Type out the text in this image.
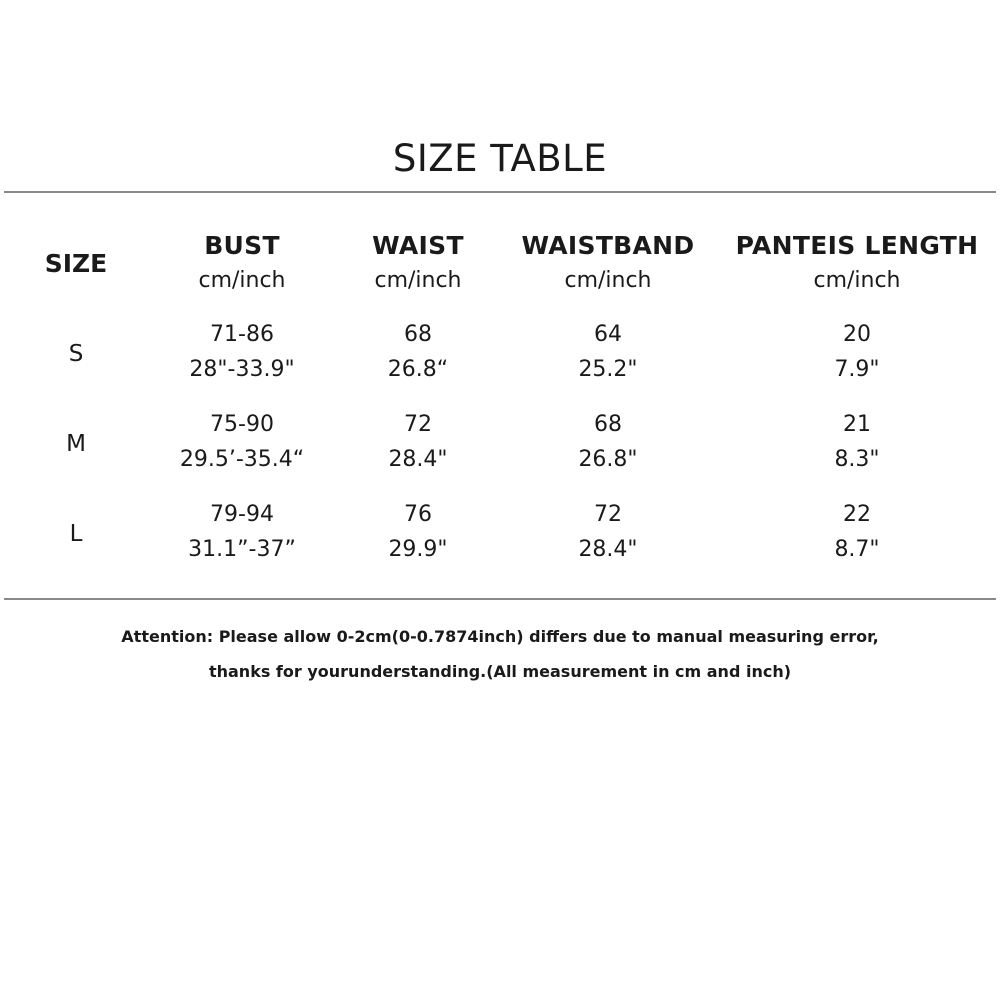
SIZE TABLE
SIZE
BUST
cm/inch
WAIST
cm/inch
WAISTBAND
cm/inch
PANTEIS LENGTH
cm/inch
S
71-86
28"-33.9"
68
26.8“
64
25.2"
20
7.9"
M
75-90
29.5’-35.4“
72
28.4"
68
26.8"
21
8.3"
L
79-94
31.1”-37”
76
29.9"
72
28.4"
22
8.7"
Attention: Please allow 0-2cm(0-0.7874inch) differs due to manual measuring error,
thanks for yourunderstanding.(All measurement in cm and inch)
